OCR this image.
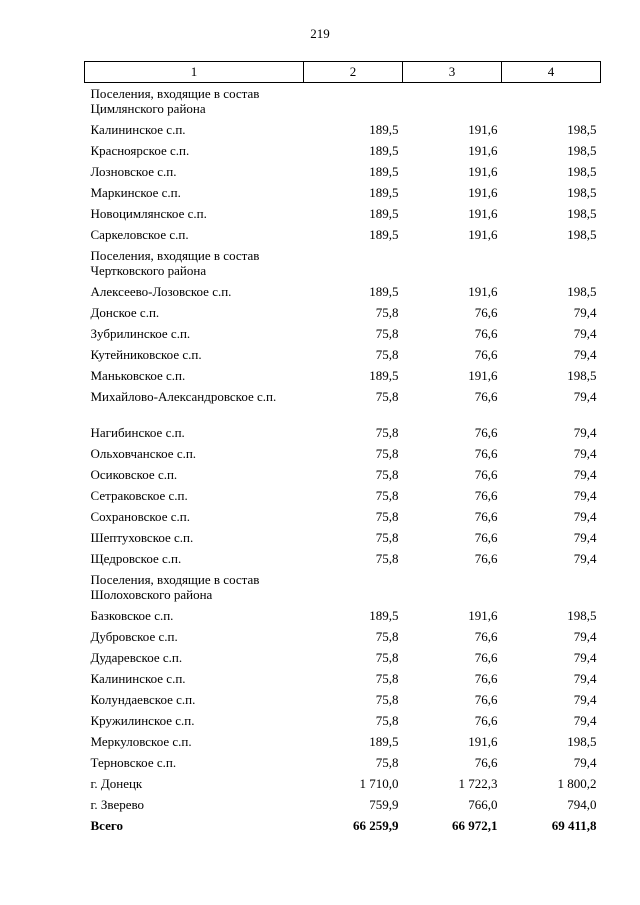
219
1	2	3	4
Поселения, входящие в состав Цимлянского района			
Калининское с.п.	189,5	191,6	198,5
Красноярское с.п.	189,5	191,6	198,5
Лозновское с.п.	189,5	191,6	198,5
Маркинское с.п.	189,5	191,6	198,5
Новоцимлянское с.п.	189,5	191,6	198,5
Саркеловское с.п.	189,5	191,6	198,5
Поселения, входящие в состав Чертковского района			
Алексеево-Лозовское с.п.	189,5	191,6	198,5
Донское с.п.	75,8	76,6	79,4
Зубрилинское с.п.	75,8	76,6	79,4
Кутейниковское с.п.	75,8	76,6	79,4
Маньковское с.п.	189,5	191,6	198,5
Михайлово-Александровское с.п.	75,8	76,6	79,4
Нагибинское с.п.	75,8	76,6	79,4
Ольховчанское с.п.	75,8	76,6	79,4
Осиковское с.п.	75,8	76,6	79,4
Сетраковское с.п.	75,8	76,6	79,4
Сохрановское с.п.	75,8	76,6	79,4
Шептуховское с.п.	75,8	76,6	79,4
Щедровское с.п.	75,8	76,6	79,4
Поселения, входящие в состав Шолоховского района			
Базковское с.п.	189,5	191,6	198,5
Дубровское с.п.	75,8	76,6	79,4
Дударевское с.п.	75,8	76,6	79,4
Калининское с.п.	75,8	76,6	79,4
Колундаевское с.п.	75,8	76,6	79,4
Кружилинское с.п.	75,8	76,6	79,4
Меркуловское с.п.	189,5	191,6	198,5
Терновское с.п.	75,8	76,6	79,4
г. Донецк	1 710,0	1 722,3	1 800,2
г. Зверево	759,9	766,0	794,0
Всего	66 259,9	66 972,1	69 411,8
